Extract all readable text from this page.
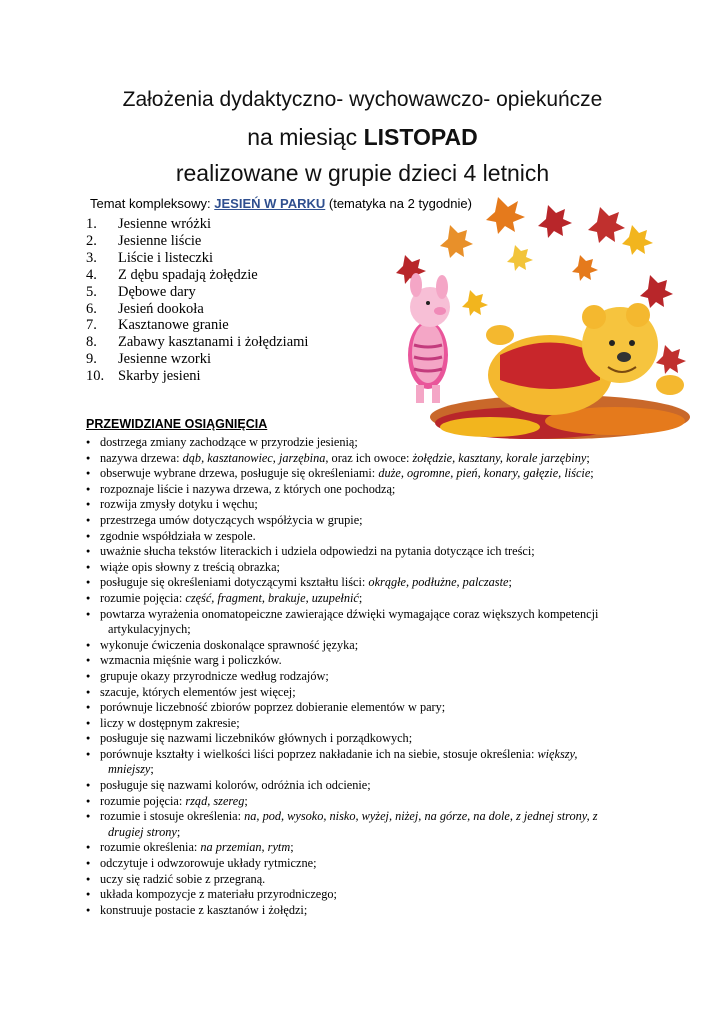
Założenia dydaktyczno- wychowawczo- opiekuńcze
na miesiąc LISTOPAD
realizowane w grupie dzieci 4 letnich
Temat kompleksowy: JESIEŃ W PARKU (tematyka na 2 tygodnie)
1. Jesienne wróżki
2. Jesienne liście
3. Liście i listeczki
4. Z dębu spadają żołędzie
5. Dębowe dary
6. Jesień dookoła
7. Kasztanowe granie
8. Zabawy kasztanami i żołędziami
9. Jesienne wzorki
10. Skarby jesieni
PRZEWIDZIANE OSIĄGNIĘCIA
● dostrzega zmiany zachodzące w przyrodzie jesienią;
● nazywa drzewa: dąb, kasztanowiec, jarzębina, oraz ich owoce: żołędzie, kasztany, korale jarzębiny;
● obserwuje wybrane drzewa, posługuje się określeniami: duże, ogromne, pień, konary, gałęzie, liście;
● rozpoznaje liście i nazywa drzewa, z których one pochodzą;
● rozwija zmysły dotyku i węchu;
● przestrzega umów dotyczących współżycia w grupie;
● zgodnie współdziała w zespole.
● uważnie słucha tekstów literackich i udziela odpowiedzi na pytania dotyczące ich treści;
● wiąże opis słowny z treścią obrazka;
● posługuje się określeniami dotyczącymi kształtu liści: okrągłe, podłużne, palczaste;
● rozumie pojęcia: część, fragment, brakuje, uzupełnić;
● powtarza wyrażenia onomatopeiczne zawierające dźwięki wymagające coraz większych kompetencji
artykulacyjnych;
● wykonuje ćwiczenia doskonalące sprawność języka;
● wzmacnia mięśnie warg i policzków.
● grupuje okazy przyrodnicze według rodzajów;
● szacuje, których elementów jest więcej;
● porównuje liczebność zbiorów poprzez dobieranie elementów w pary;
● liczy w dostępnym zakresie;
● posługuje się nazwami liczebników głównych i porządkowych;
● porównuje kształty i wielkości liści poprzez nakładanie ich na siebie, stosuje określenia: większy,
mniejszy;
● posługuje się nazwami kolorów, odróżnia ich odcienie;
● rozumie pojęcia: rząd, szereg;
● rozumie i stosuje określenia: na, pod, wysoko, nisko, wyżej, niżej, na górze, na dole, z jednej strony, z
drugiej strony;
● rozumie określenia: na przemian, rytm;
● odczytuje i odwzorowuje układy rytmiczne;
● uczy się radzić sobie z przegraną.
● układa kompozycje z materiału przyrodniczego;
● konstruuje postacie z kasztanów i żołędzi;
